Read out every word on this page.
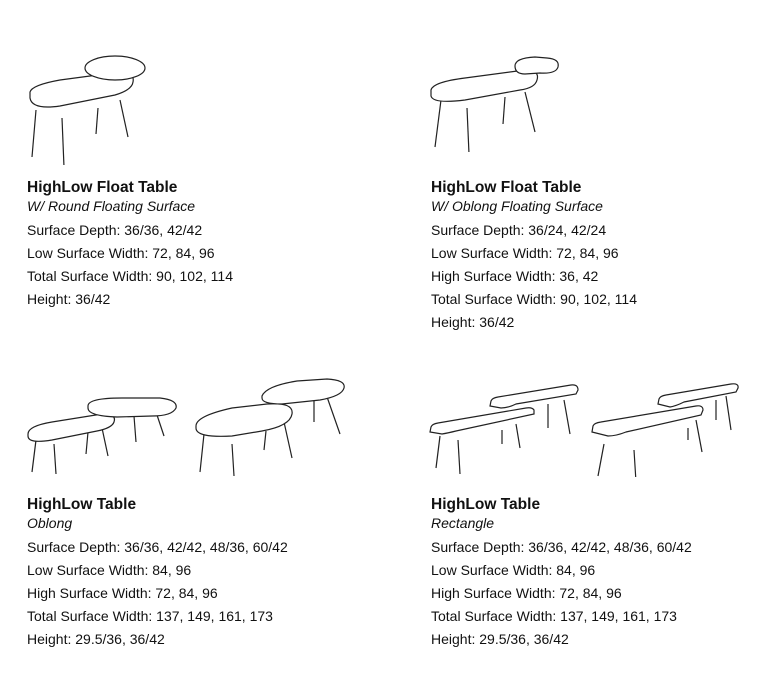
HighLow Float Table

W/ Round Floating Surface

Surface Depth: 36/36, 42/42

Low Surface Width: 72, 84, 96

Total Surface Width: 90, 102, 114

Height: 36/42

HighLow Float Table

W/ Oblong Floating Surface

Surface Depth: 36/24, 42/24

Low Surface Width: 72, 84, 96

High Surface Width: 36, 42

Total Surface Width: 90, 102, 114

Height: 36/42

HighLow Table

Oblong

Surface Depth: 36/36, 42/42, 48/36, 60/42

Low Surface Width: 84, 96

High Surface Width: 72, 84, 96

Total Surface Width: 137, 149, 161, 173

Height: 29.5/36, 36/42

HighLow Table

Rectangle

Surface Depth: 36/36, 42/42, 48/36, 60/42

Low Surface Width: 84, 96

High Surface Width: 72, 84, 96

Total Surface Width: 137, 149, 161, 173

Height: 29.5/36, 36/42
